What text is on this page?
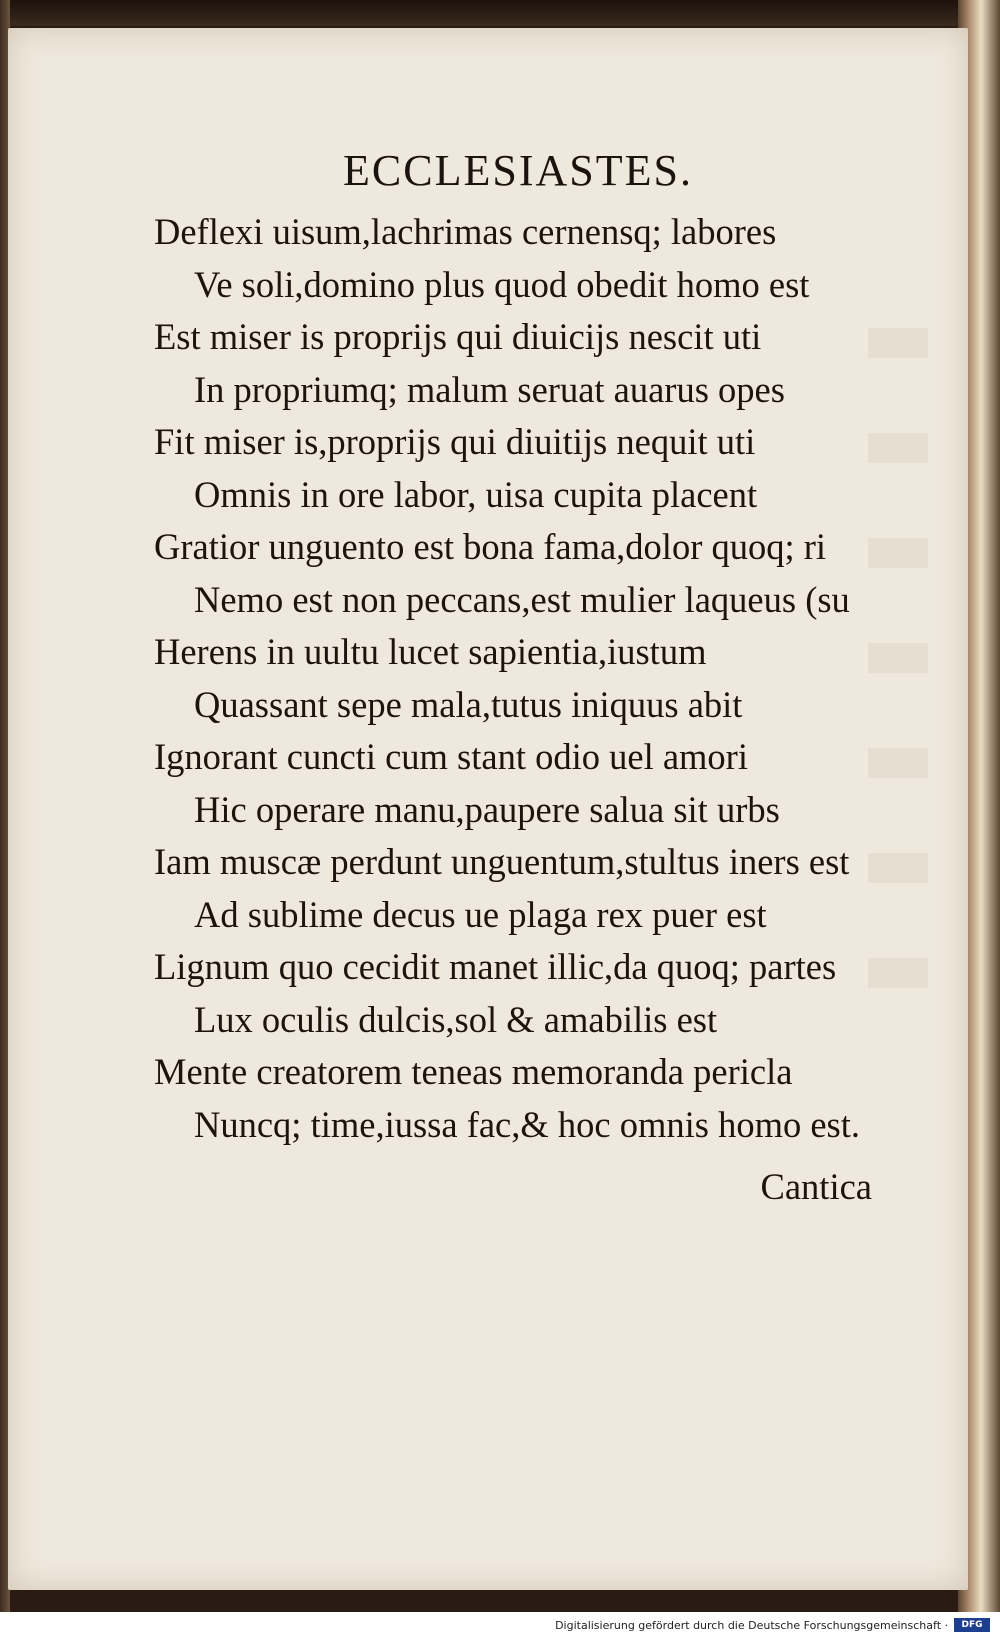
ECCLESIASTES.
Deflexi uisum,lachrimas cernensq; labores
Ve soli,domino plus quod obedit homo est
Est miser is proprijs qui diuicijs nescit uti
In propriumq; malum seruat auarus opes
Fit miser is,proprijs qui diuitijs nequit uti
Omnis in ore labor, uisa cupita placent
Gratior unguento est bona fama,dolor quoq; ri
Nemo est non peccans,est mulier laqueus (su
Herens in uultu lucet sapientia,iustum
Quassant sepe mala,tutus iniquus abit
Ignorant cuncti cum stant odio uel amori
Hic operare manu,paupere salua sit urbs
Iam muscæ perdunt unguentum,stultus iners est
Ad sublime decus ue plaga rex puer est
Lignum quo cecidit manet illic,da quoq; partes
Lux oculis dulcis,sol & amabilis est
Mente creatorem teneas memoranda pericla
Nuncq; time,iussa fac,& hoc omnis homo est.
Cantica
Digitalisierung gefördert durch die Deutsche Forschungsgemeinschaft ·	DFG
